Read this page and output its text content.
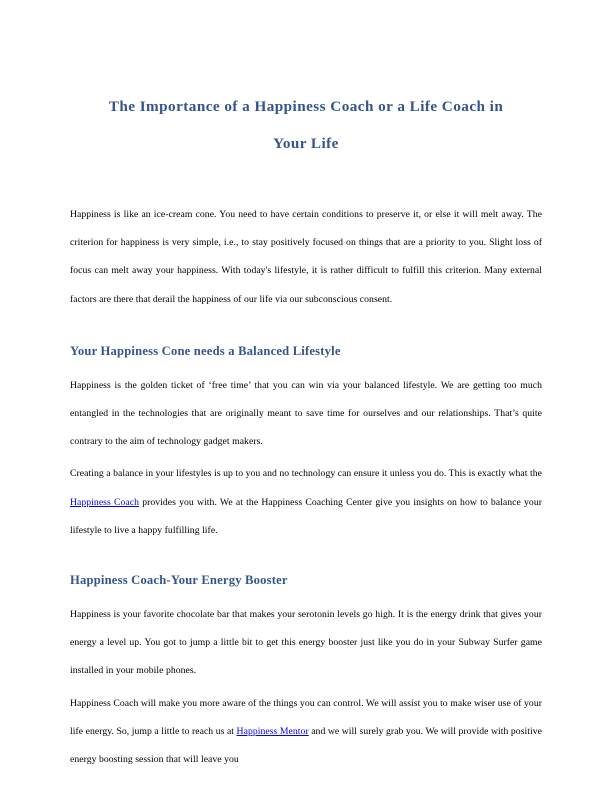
The Importance of a Happiness Coach or a Life Coach in
Your Life

Happiness is like an ice-cream cone. You need to have certain conditions to preserve it, or else it will melt away. The criterion for happiness is very simple, i.e., to stay positively focused on things that are a priority to you. Slight loss of focus can melt away your happiness. With today's lifestyle, it is rather difficult to fulfill this criterion. Many external factors are there that derail the happiness of our life via our subconscious consent.

Your Happiness Cone needs a Balanced Lifestyle

Happiness is the golden ticket of ‘free time’ that you can win via your balanced lifestyle. We are getting too much entangled in the technologies that are originally meant to save time for ourselves and our relationships. That’s quite contrary to the aim of technology gadget makers.

Creating a balance in your lifestyles is up to you and no technology can ensure it unless you do. This is exactly what the Happiness Coach provides you with. We at the Happiness Coaching Center give you insights on how to balance your lifestyle to live a happy fulfilling life.

Happiness Coach-Your Energy Booster

Happiness is your favorite chocolate bar that makes your serotonin levels go high. It is the energy drink that gives your energy a level up. You got to jump a little bit to get this energy booster just like you do in your Subway Surfer game installed in your mobile phones.

Happiness Coach will make you more aware of the things you can control. We will assist you to make wiser use of your life energy. So, jump a little to reach us at Happiness Mentor and we will surely grab you. We will provide with positive energy boosting session that will leave you
